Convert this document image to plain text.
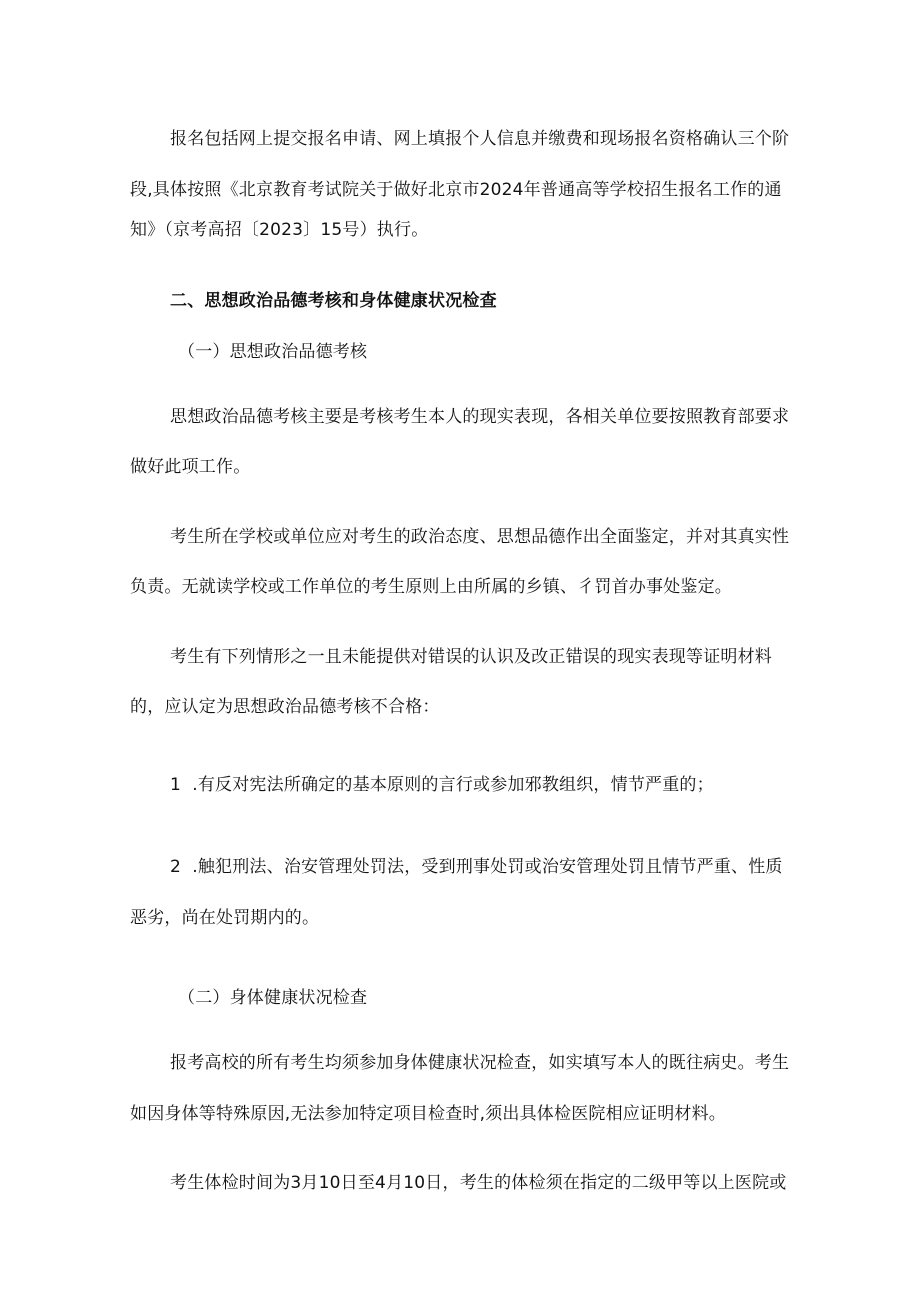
报名包括网上提交报名申请、网上填报个人信息并缴费和现场报名资格确认三个阶
段,具体按照《北京教育考试院关于做好北京市2024年普通高等学校招生报名工作的通
知》（京考高招〔2023〕15号）执行。
二、思想政治品德考核和身体健康状况检查
（一）思想政治品德考核
思想政治品德考核主要是考核考生本人的现实表现，各相关单位要按照教育部要求
做好此项工作。
考生所在学校或单位应对考生的政治态度、思想品德作出全面鉴定，并对其真实性
负责。无就读学校或工作单位的考生原则上由所属的乡镇、彳罚首办事处鉴定。
考生有下列情形之一且未能提供对错误的认识及改正错误的现实表现等证明材料
的，应认定为思想政治品德考核不合格：
1  .有反对宪法所确定的基本原则的言行或参加邪教组织，情节严重的；
2  .触犯刑法、治安管理处罚法，受到刑事处罚或治安管理处罚且情节严重、性质
恶劣，尚在处罚期内的。
（二）身体健康状况检查
报考高校的所有考生均须参加身体健康状况检查，如实填写本人的既往病史。考生
如因身体等特殊原因,无法参加特定项目检查时,须出具体检医院相应证明材料。
考生体检时间为3月10日至4月10日，考生的体检须在指定的二级甲等以上医院或
